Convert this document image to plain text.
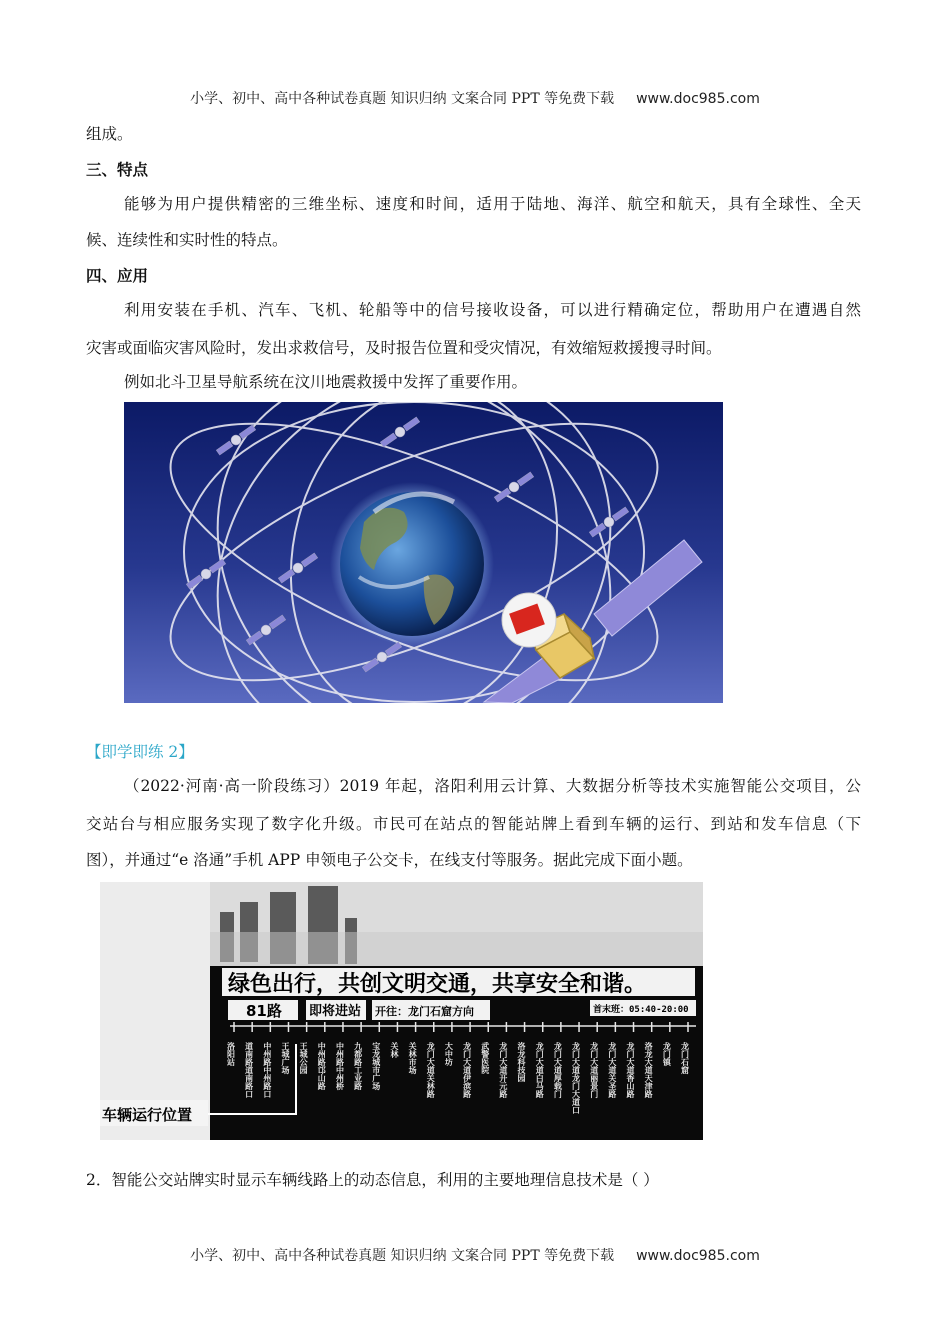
小学、初中、高中各种试卷真题 知识归纳 文案合同 PPT 等免费下载 www.doc985.com
组成。
三、特点
能够为用户提供精密的三维坐标、速度和时间，适用于陆地、海洋、航空和航天，具有全球性、全天
候、连续性和实时性的特点。
四、应用
利用安装在手机、汽车、飞机、轮船等中的信号接收设备，可以进行精确定位，帮助用户在遭遇自然
灾害或面临灾害风险时，发出求救信号，及时报告位置和受灾情况，有效缩短救援搜寻时间。
例如北斗卫星导航系统在汶川地震救援中发挥了重要作用。
【即学即练 2】
（2022·河南·高一阶段练习）2019 年起，洛阳利用云计算、大数据分析等技术实施智能公交项目，公
交站台与相应服务实现了数字化升级。市民可在站点的智能站牌上看到车辆的运行、到站和发车信息（下
图），并通过“e 洛通”手机 APP 申领电子公交卡，在线支付等服务。据此完成下面小题。
绿色出行，共创文明交通，共享安全和谐。
81路 即将进站 开往：龙门石窟方向	首末班：05:40-20:00
洛阳站 道南路道南路口 中州路中州路口 王城广场 王城公园 中州路邙山路 中州路中州桥 九都路工业路 宝龙城市广场 关林 关林市场 龙门大道关林路 大中坊 龙门大道伊滨路 武警医院 龙门大道开元路 洛龙科技园 龙门大道白马路 龙门大道厚载门 龙门大道龙门大道口 龙门大道丽景门 龙门大道关圣路 龙门大道香山路 洛龙大道天津路 龙门镇 龙门石窟
车辆运行位置
2．智能公交站牌实时显示车辆线路上的动态信息，利用的主要地理信息技术是（ ）
小学、初中、高中各种试卷真题 知识归纳 文案合同 PPT 等免费下载 www.doc985.com
